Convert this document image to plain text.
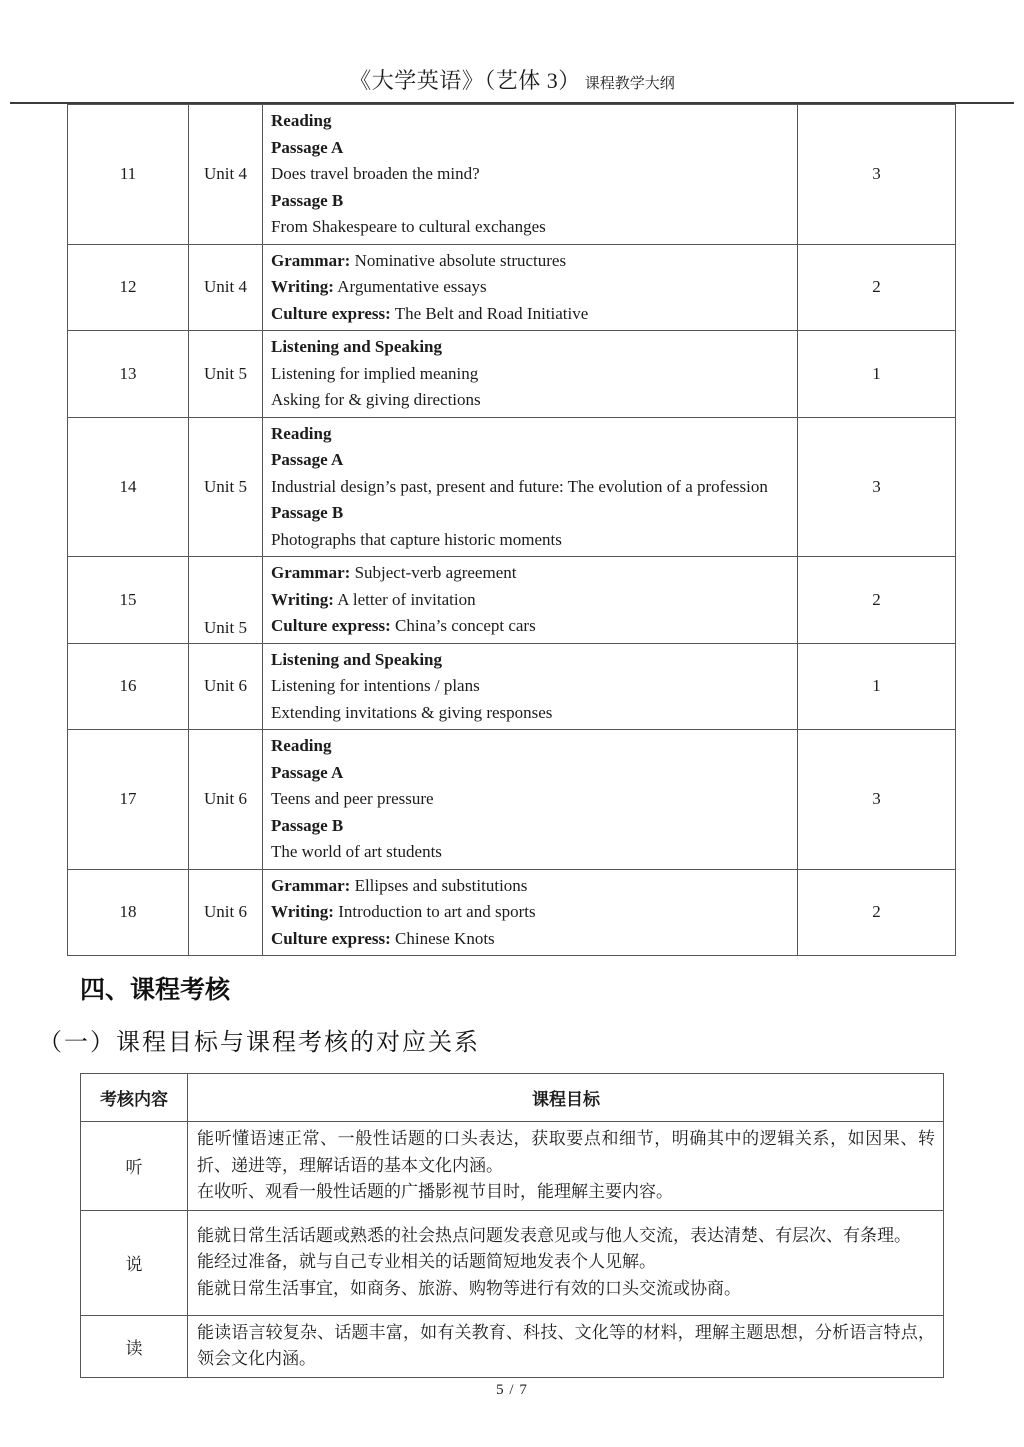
《大学英语》（艺体 3） 课程教学大纲
11	Unit 4	Reading
Passage A
Does travel broaden the mind?
Passage B
From Shakespeare to cultural exchanges	3
12	Unit 4	Grammar: Nominative absolute structures
Writing: Argumentative essays
Culture express: The Belt and Road Initiative	2
13	Unit 5	Listening and Speaking
Listening for implied meaning
Asking for & giving directions	1
14	Unit 5	Reading
Passage A
Industrial design’s past, present and future: The evolution of a profession
Passage B
Photographs that capture historic moments	3
15	Unit 5	Grammar: Subject-verb agreement
Writing: A letter of invitation
Culture express: China’s concept cars	2
16	Unit 6	Listening and Speaking
Listening for intentions / plans
Extending invitations & giving responses	1
17	Unit 6	Reading
Passage A
Teens and peer pressure
Passage B
The world of art students	3
18	Unit 6	Grammar: Ellipses and substitutions
Writing: Introduction to art and sports
Culture express: Chinese Knots	2
四、课程考核
（一）课程目标与课程考核的对应关系
考核内容	课程目标
听	能听懂语速正常、一般性话题的口头表达，获取要点和细节，明确其中的逻辑关系，如因果、转折、递进等，理解话语的基本文化内涵。
在收听、观看一般性话题的广播影视节目时，能理解主要内容。

说	能就日常生活话题或熟悉的社会热点问题发表意见或与他人交流，表达清楚、有层次、有条理。
能经过准备，就与自己专业相关的话题简短地发表个人见解。
能就日常生活事宜，如商务、旅游、购物等进行有效的口头交流或协商。

读	能读语言较复杂、话题丰富，如有关教育、科技、文化等的材料，理解主题思想，分析语言特点，领会文化内涵。
5 / 7
